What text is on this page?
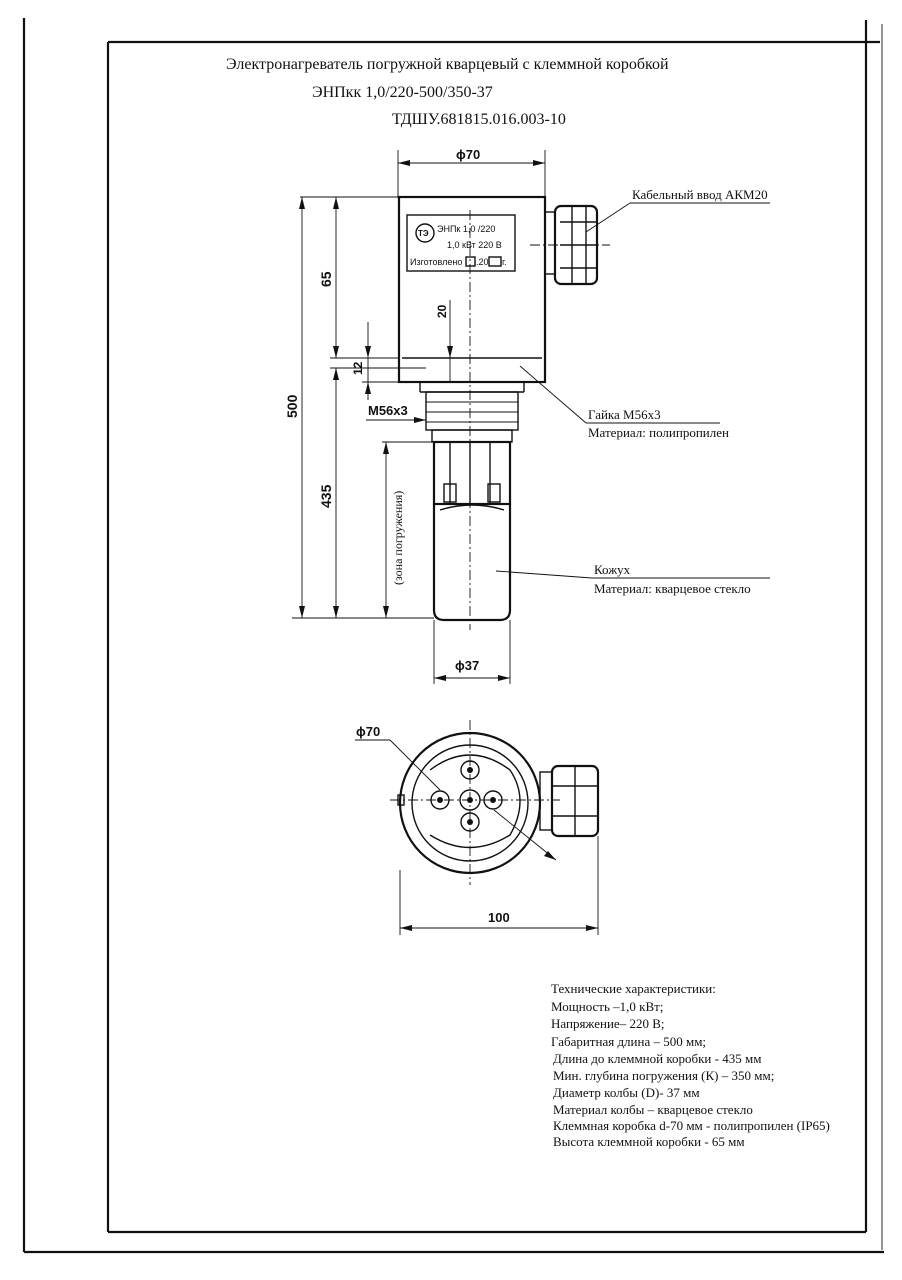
Электронагреватель погружной кварцевый с клеммной коробкой
ЭНПкк 1,0/220-500/350-37
ТДШУ.681815.016.003-10
ϕ70
ТЭ ЭНПк 1,0 /220
1,0 кВт 220 В
Изготовлено .20 г.
500
65
435
12
20
M56x3
(зона погружения)
ϕ37
Кабельный ввод АКМ20
Гайка М56х3
Материал: полипропилен
Кожух
Материал: кварцевое стекло
ϕ70
100
Технические характеристики:
Мощность –1,0 кВт;
Напряжение– 220 В;
Габаритная длина – 500 мм;
Длина до клеммной коробки - 435 мм
Мин. глубина погружения (К) – 350 мм;
Диаметр колбы (D)- 37 мм
Материал колбы – кварцевое стекло
Клеммная коробка d-70 мм - полипропилен (IP65)
Высота клеммной коробки - 65 мм
